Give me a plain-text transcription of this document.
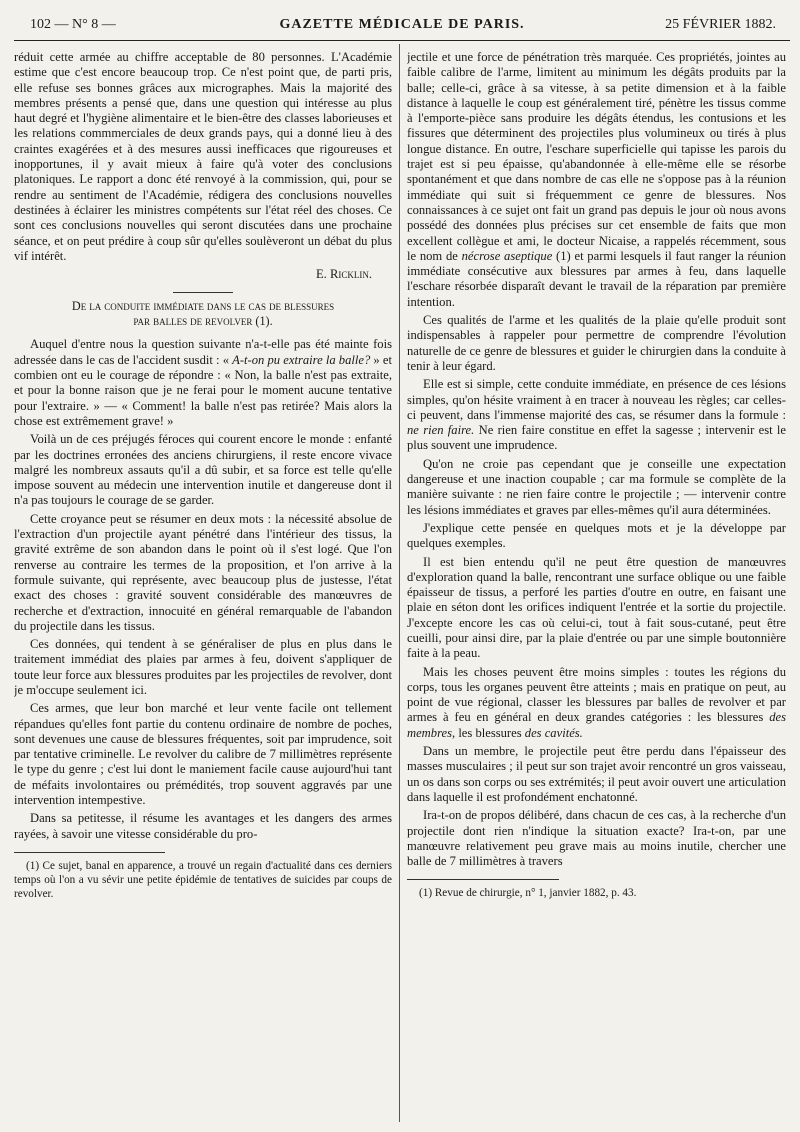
102 — N° 8 —	GAZETTE MÉDICALE DE PARIS.	25 FÉVRIER 1882.

réduit cette armée au chiffre acceptable de 80 personnes. L'Académie estime que c'est encore beaucoup trop. Ce n'est point que, de parti pris, elle refuse ses bonnes grâces aux micrographes. Mais la majorité des membres présents a pensé que, dans une question qui intéresse au plus haut degré et l'hygiène alimentaire et le bien-être des classes laborieuses et les relations commmerciales de deux grands pays, qui a donné lieu à des craintes exagérées et à des mesures aussi inefficaces que rigoureuses et inopportunes, il y avait mieux à faire qu'à voter des conclusions platoniques. Le rapport a donc été renvoyé à la commission, qui, pour se rendre au sentiment de l'Académie, rédigera des conclusions nouvelles destinées à éclairer les ministres compétents sur l'état réel des choses. Ce sont ces conclusions nouvelles qui seront discutées dans une prochaine séance, et on peut prédire à coup sûr qu'elles soulèveront un débat du plus vif intérêt.

E. Ricklin.
De la conduite immédiate dans le cas de blessures
par balles de revolver (1).

Auquel d'entre nous la question suivante n'a-t-elle pas été mainte fois adressée dans le cas de l'accident susdit : « A-t-on pu extraire la balle? » et combien ont eu le courage de répondre : « Non, la balle n'est pas extraite, et pour la bonne raison que je ne ferai pour le moment aucune tentative pour l'extraire. » — « Comment! la balle n'est pas retirée? Mais alors la chose est extrêmement grave! »

Voilà un de ces préjugés féroces qui courent encore le monde : enfanté par les doctrines erronées des anciens chirurgiens, il reste encore vivace malgré les nombreux assauts qu'il a dû subir, et sa force est telle qu'elle impose souvent au médecin une intervention inutile et dangereuse dont il n'a pas toujours le courage de se garder.

Cette croyance peut se résumer en deux mots : la nécessité absolue de l'extraction d'un projectile ayant pénétré dans l'intérieur des tissus, la gravité extrême de son abandon dans le point où il s'est logé. Que l'on renverse au contraire les termes de la proposition, et l'on arrive à la formule suivante, qui représente, avec beaucoup plus de justesse, l'état exact des choses : gravité souvent considérable des manœuvres de recherche et d'extraction, innocuité en général remarquable de l'abandon du projectile dans les tissus.

Ces données, qui tendent à se généraliser de plus en plus dans le traitement immédiat des plaies par armes à feu, doivent s'appliquer de toute leur force aux blessures produites par les projectiles de revolver, dont je m'occupe seulement ici.

Ces armes, que leur bon marché et leur vente facile ont tellement répandues qu'elles font partie du contenu ordinaire de nombre de poches, sont devenues une cause de blessures fréquentes, soit par imprudence, soit par tentative criminelle. Le revolver du calibre de 7 millimètres représente le type du genre ; c'est lui dont le maniement facile cause aujourd'hui tant de méfaits involontaires ou prémédités, trop souvent aggravés par une intervention intempestive.

Dans sa petitesse, il résume les avantages et les dangers des armes rayées, à savoir une vitesse considérable du pro-

(1) Ce sujet, banal en apparence, a trouvé un regain d'actualité dans ces derniers temps où l'on a vu sévir une petite épidémie de tentatives de suicides par coups de revolver.

jectile et une force de pénétration très marquée. Ces propriétés, jointes au faible calibre de l'arme, limitent au minimum les dégâts produits par la balle; celle-ci, grâce à sa vitesse, à sa petite dimension et à la faible distance à laquelle le coup est généralement tiré, pénètre les tissus comme à l'emporte-pièce sans produire les dégâts étendus, les contusions et les fissures que déterminent des projectiles plus volumineux ou tirés à plus longue distance. En outre, l'eschare superficielle qui tapisse les parois du trajet est si peu épaisse, qu'abandonnée à elle-même elle se résorbe spontanément et que dans nombre de cas elle ne s'oppose pas à la réunion immédiate qui suit si fréquemment ce genre de blessures. Nos connaissances à ce sujet ont fait un grand pas depuis le jour où nous avons possédé des données plus précises sur cet ensemble de faits que mon excellent collègue et ami, le docteur Nicaise, a rappelés récemment, sous le nom de nécrose aseptique (1) et parmi lesquels il faut ranger la réunion immédiate consécutive aux blessures par armes à feu, dans laquelle l'eschare résorbée disparaît devant le travail de la réparation par première intention.

Ces qualités de l'arme et les qualités de la plaie qu'elle produit sont indispensables à rappeler pour permettre de comprendre l'évolution naturelle de ce genre de blessures et guider le chirurgien dans la conduite à tenir à leur égard.

Elle est si simple, cette conduite immédiate, en présence de ces lésions simples, qu'on hésite vraiment à en tracer à nouveau les règles; car celles-ci peuvent, dans l'immense majorité des cas, se résumer dans la formule : ne rien faire. Ne rien faire constitue en effet la sagesse ; intervenir est le plus souvent une imprudence.

Qu'on ne croie pas cependant que je conseille une expectation dangereuse et une inaction coupable ; car ma formule se complète de la manière suivante : ne rien faire contre le projectile ; — intervenir contre les lésions immédiates et graves par elles-mêmes qu'il aura déterminées.

J'explique cette pensée en quelques mots et je la développe par quelques exemples.

Il est bien entendu qu'il ne peut être question de manœuvres d'exploration quand la balle, rencontrant une surface oblique ou une faible épaisseur de tissus, a perforé les parties d'outre en outre, en faisant une plaie en séton dont les orifices indiquent l'entrée et la sortie du projectile. J'excepte encore les cas où celui-ci, tout à fait sous-cutané, peut être cueilli, pour ainsi dire, par la plaie d'entrée ou par une simple boutonnière faite à la peau.

Mais les choses peuvent être moins simples : toutes les régions du corps, tous les organes peuvent être atteints ; mais en pratique on peut, au point de vue régional, classer les blessures par balles de revolver et par armes à feu en général en deux grandes catégories : les blessures des membres, les blessures des cavités.

Dans un membre, le projectile peut être perdu dans l'épaisseur des masses musculaires ; il peut sur son trajet avoir rencontré un gros vaisseau, un os dans son corps ou ses extrémités; il peut avoir ouvert une articulation dans laquelle il est profondément enchatonné.

Ira-t-on de propos délibéré, dans chacun de ces cas, à la recherche d'un projectile dont rien n'indique la situation exacte? Ira-t-on, par une manœuvre relativement peu grave mais au moins inutile, chercher une balle de 7 millimètres à travers

(1) Revue de chirurgie, n° 1, janvier 1882, p. 43.
